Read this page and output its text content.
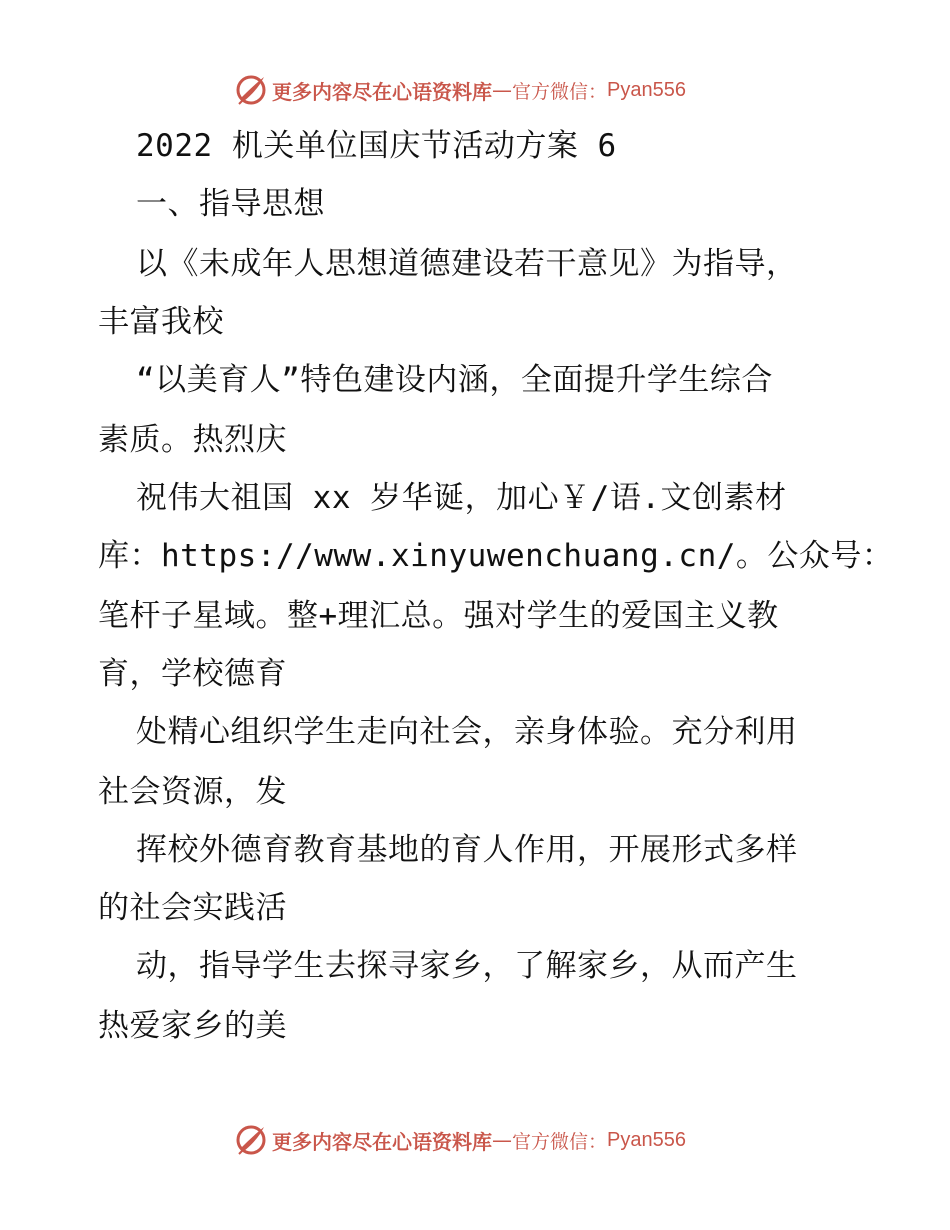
更多内容尽在心语资料库 — 官方微信： Pyan556
2022 机关单位国庆节活动方案 6
一、指导思想
以《未成年人思想道德建设若干意见》为指导，
丰富我校
“以美育人”特色建设内涵，全面提升学生综合
素质。热烈庆
祝伟大祖国 xx 岁华诞，加心￥/语.文创素材
库：https://www.xinyuwenchuang.cn/。公众号：
笔杆子星域。整+理汇总。强对学生的爱国主义教
育，学校德育
处精心组织学生走向社会，亲身体验。充分利用
社会资源，发
挥校外德育教育基地的育人作用，开展形式多样
的社会实践活
动，指导学生去探寻家乡，了解家乡，从而产生
热爱家乡的美
更多内容尽在心语资料库 — 官方微信： Pyan556
